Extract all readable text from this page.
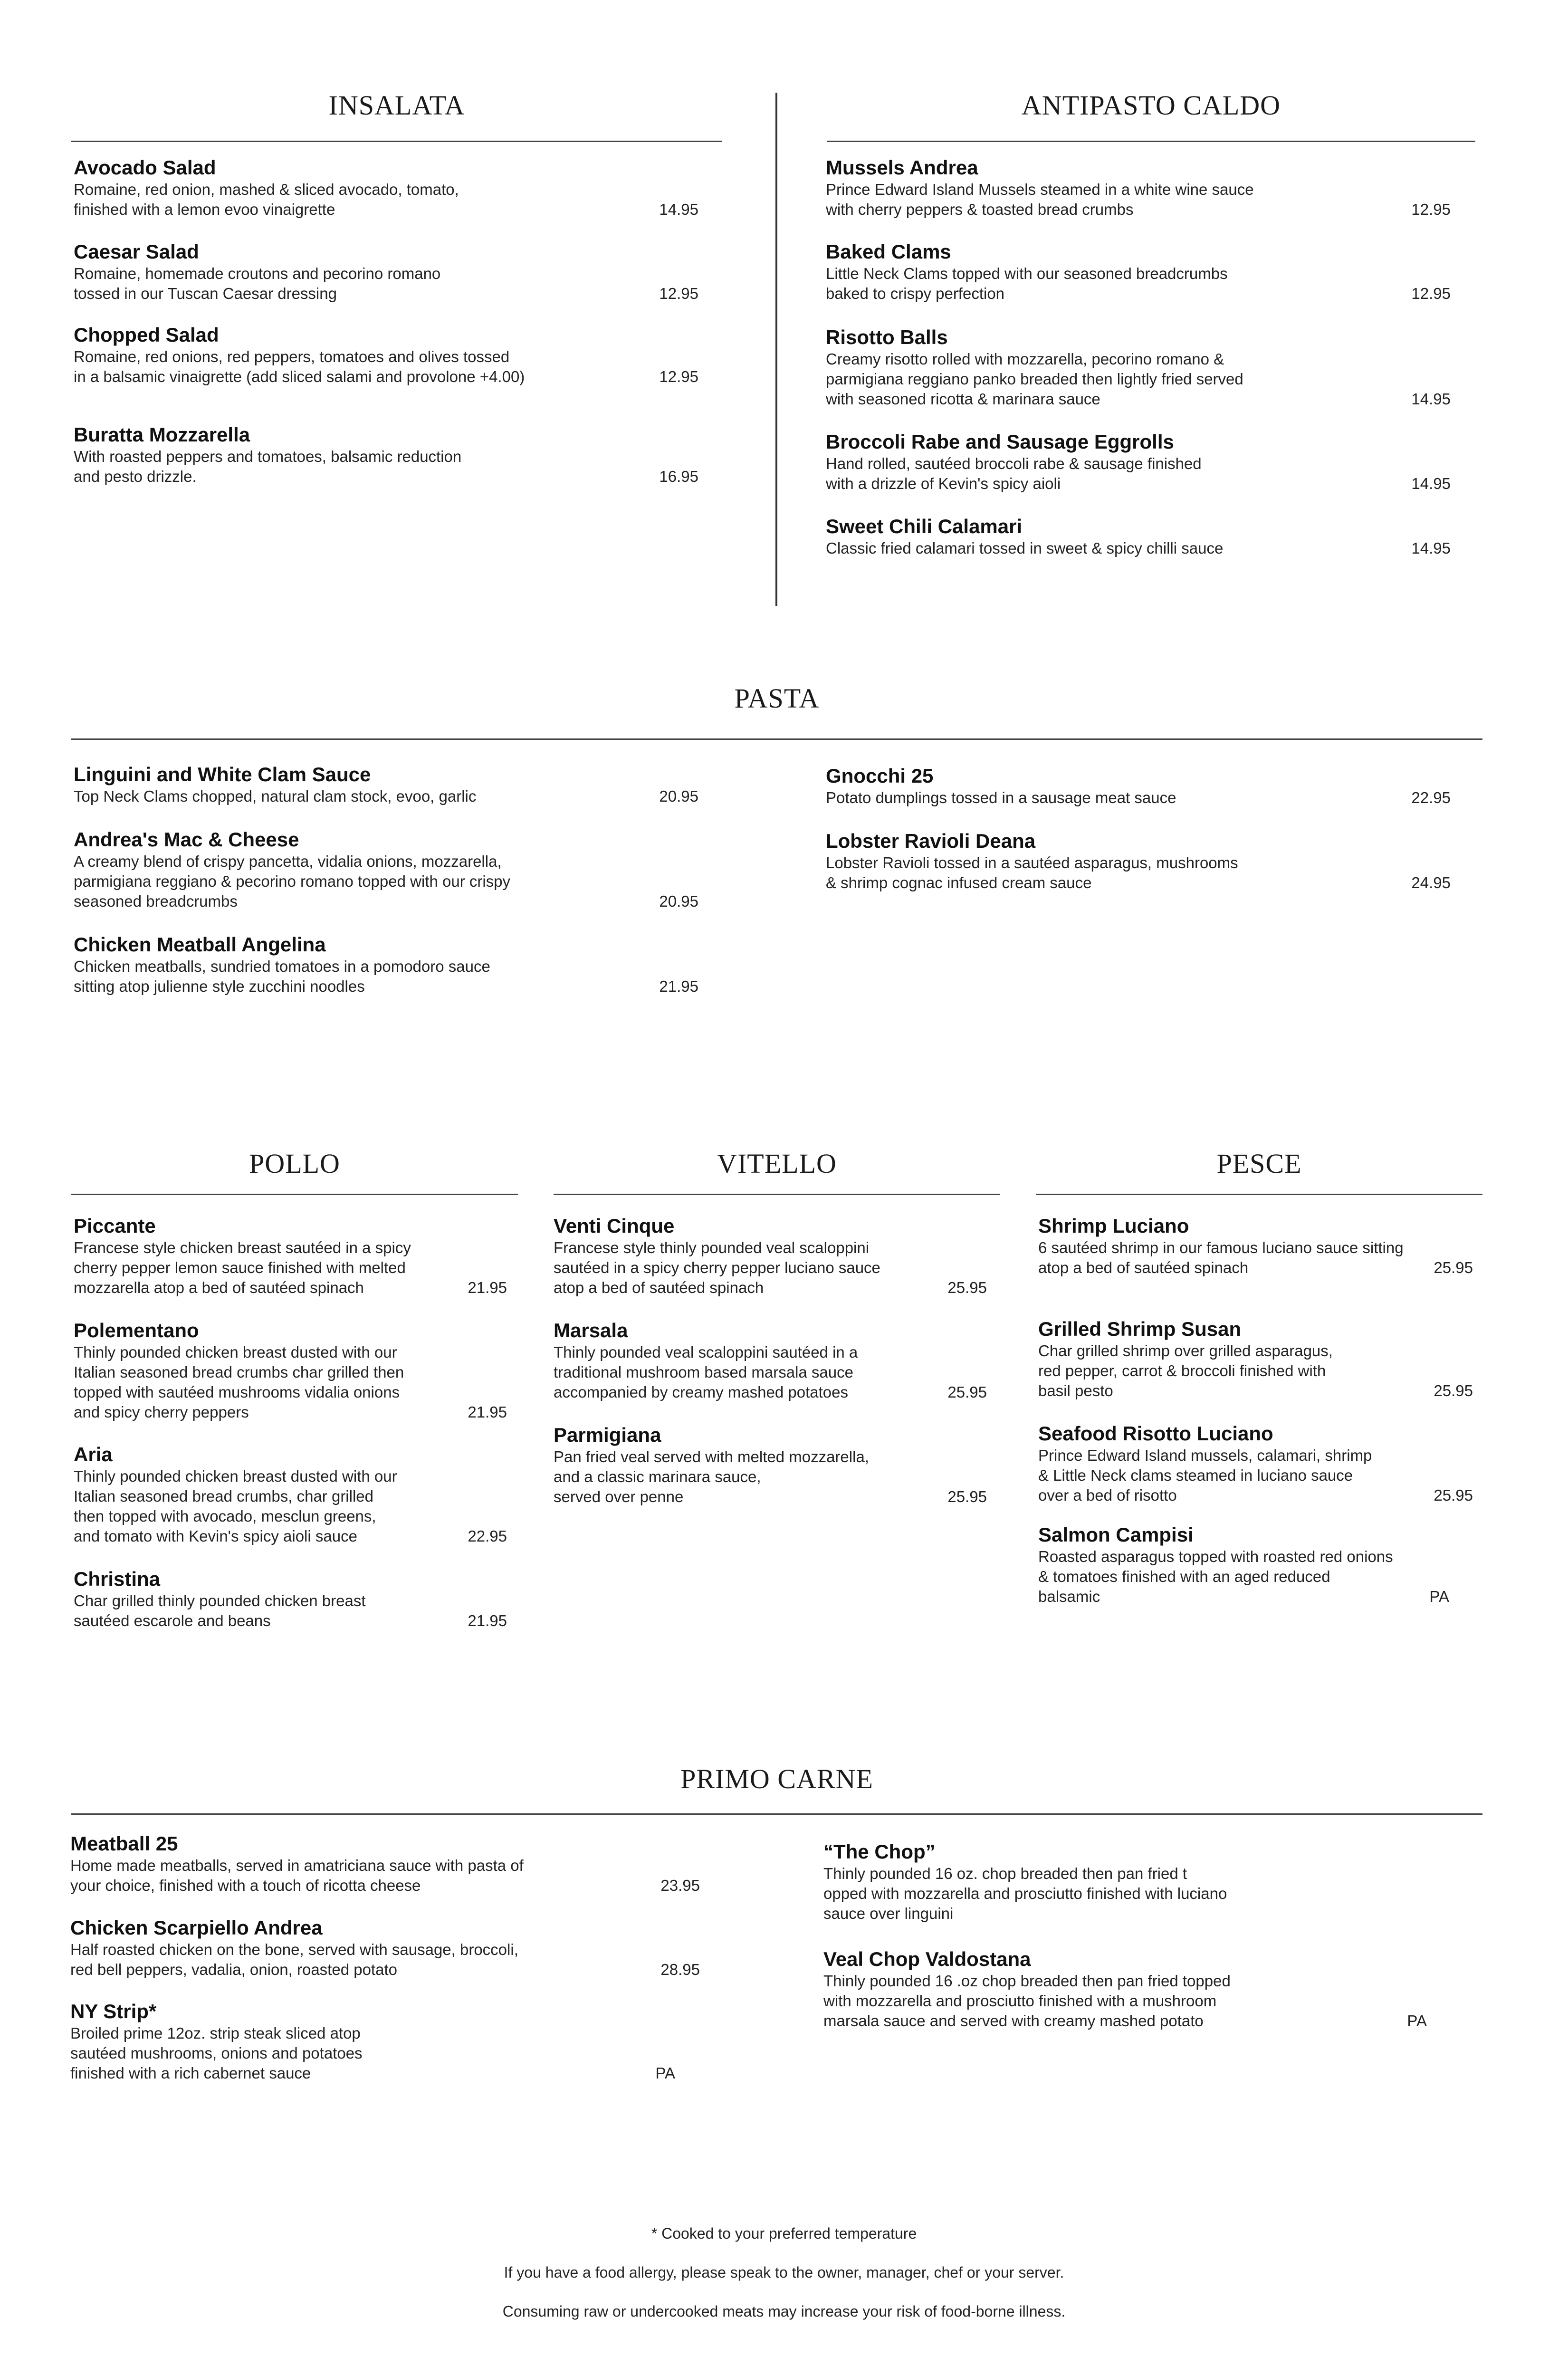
INSALATA
Avocado Salad
Romaine, red onion, mashed & sliced avocado, tomato,
finished with a lemon evoo vinaigrette	14.95
Caesar Salad
Romaine, homemade croutons and pecorino romano
tossed in our Tuscan Caesar dressing	12.95
Chopped Salad
Romaine, red onions, red peppers, tomatoes and olives tossed
in a balsamic vinaigrette (add sliced salami and provolone +4.00)	12.95
Buratta Mozzarella
With roasted peppers and tomatoes, balsamic reduction
and pesto drizzle.	16.95
ANTIPASTO CALDO
Mussels Andrea
Prince Edward Island Mussels steamed in a white wine sauce
with cherry peppers & toasted bread crumbs	12.95
Baked Clams
Little Neck Clams topped with our seasoned breadcrumbs
baked to crispy perfection	12.95
Risotto Balls
Creamy risotto rolled with mozzarella, pecorino romano &
parmigiana reggiano panko breaded then lightly fried served
with seasoned ricotta & marinara sauce	14.95
Broccoli Rabe and Sausage Eggrolls
Hand rolled, sautéed broccoli rabe & sausage finished
with a drizzle of Kevin's spicy aioli	14.95
Sweet Chili Calamari
Classic fried calamari tossed in sweet & spicy chilli sauce	14.95
PASTA
Linguini and White Clam Sauce
Top Neck Clams chopped, natural clam stock, evoo, garlic	20.95
Andrea's Mac & Cheese
A creamy blend of crispy pancetta, vidalia onions, mozzarella,
parmigiana reggiano & pecorino romano topped with our crispy
seasoned breadcrumbs	20.95
Chicken Meatball Angelina
Chicken meatballs, sundried tomatoes in a pomodoro sauce
sitting atop julienne style zucchini noodles	21.95
Gnocchi 25
Potato dumplings tossed in a sausage meat sauce	22.95
Lobster Ravioli Deana
Lobster Ravioli tossed in a sautéed asparagus, mushrooms
& shrimp cognac infused cream sauce	24.95
POLLO
Piccante
Francese style chicken breast sautéed in a spicy
cherry pepper lemon sauce finished with melted
mozzarella atop a bed of sautéed spinach	21.95
Polementano
Thinly pounded chicken breast dusted with our
Italian seasoned bread crumbs char grilled then
topped with sautéed mushrooms vidalia onions
and spicy cherry peppers	21.95
Aria
Thinly pounded chicken breast dusted with our
Italian seasoned bread crumbs, char grilled
then topped with avocado, mesclun greens,
and tomato with Kevin's spicy aioli sauce	22.95
Christina
Char grilled thinly pounded chicken breast
sautéed escarole and beans	21.95
VITELLO
Venti Cinque
Francese style thinly pounded veal scaloppini
sautéed in a spicy cherry pepper luciano sauce
atop a bed of sautéed spinach	25.95
Marsala
Thinly pounded veal scaloppini sautéed in a
traditional mushroom based marsala sauce
accompanied by creamy mashed potatoes	25.95
Parmigiana
Pan fried veal served with melted mozzarella,
and a classic marinara sauce,
served over penne	25.95
PESCE
Shrimp Luciano
6 sautéed shrimp in our famous luciano sauce sitting
atop a bed of sautéed spinach	25.95
Grilled Shrimp Susan
Char grilled shrimp over grilled asparagus,
red pepper, carrot & broccoli finished with
basil pesto	25.95
Seafood Risotto Luciano
Prince Edward Island mussels, calamari, shrimp
& Little Neck clams steamed in luciano sauce
over a bed of risotto	25.95
Salmon Campisi
Roasted asparagus topped with roasted red onions
& tomatoes finished with an aged reduced
balsamic	PA
PRIMO CARNE
Meatball 25
Home made meatballs, served in amatriciana sauce with pasta of
your choice, finished with a touch of ricotta cheese	23.95
Chicken Scarpiello Andrea
Half roasted chicken on the bone, served with sausage, broccoli,
red bell peppers, vadalia, onion, roasted potato	28.95
NY Strip*
Broiled prime 12oz. strip steak sliced atop
sautéed mushrooms, onions and potatoes
finished with a rich cabernet sauce	PA
“The Chop”
Thinly pounded 16 oz. chop breaded then pan fried t
opped with mozzarella and prosciutto finished with luciano
sauce over linguini
Veal Chop Valdostana
Thinly pounded 16 .oz chop breaded then pan fried topped
with mozzarella and prosciutto finished with a mushroom
marsala sauce and served with creamy mashed potato	PA
* Cooked to your preferred temperature
If you have a food allergy, please speak to the owner, manager, chef or your server.
Consuming raw or undercooked meats may increase your risk of food-borne illness.
